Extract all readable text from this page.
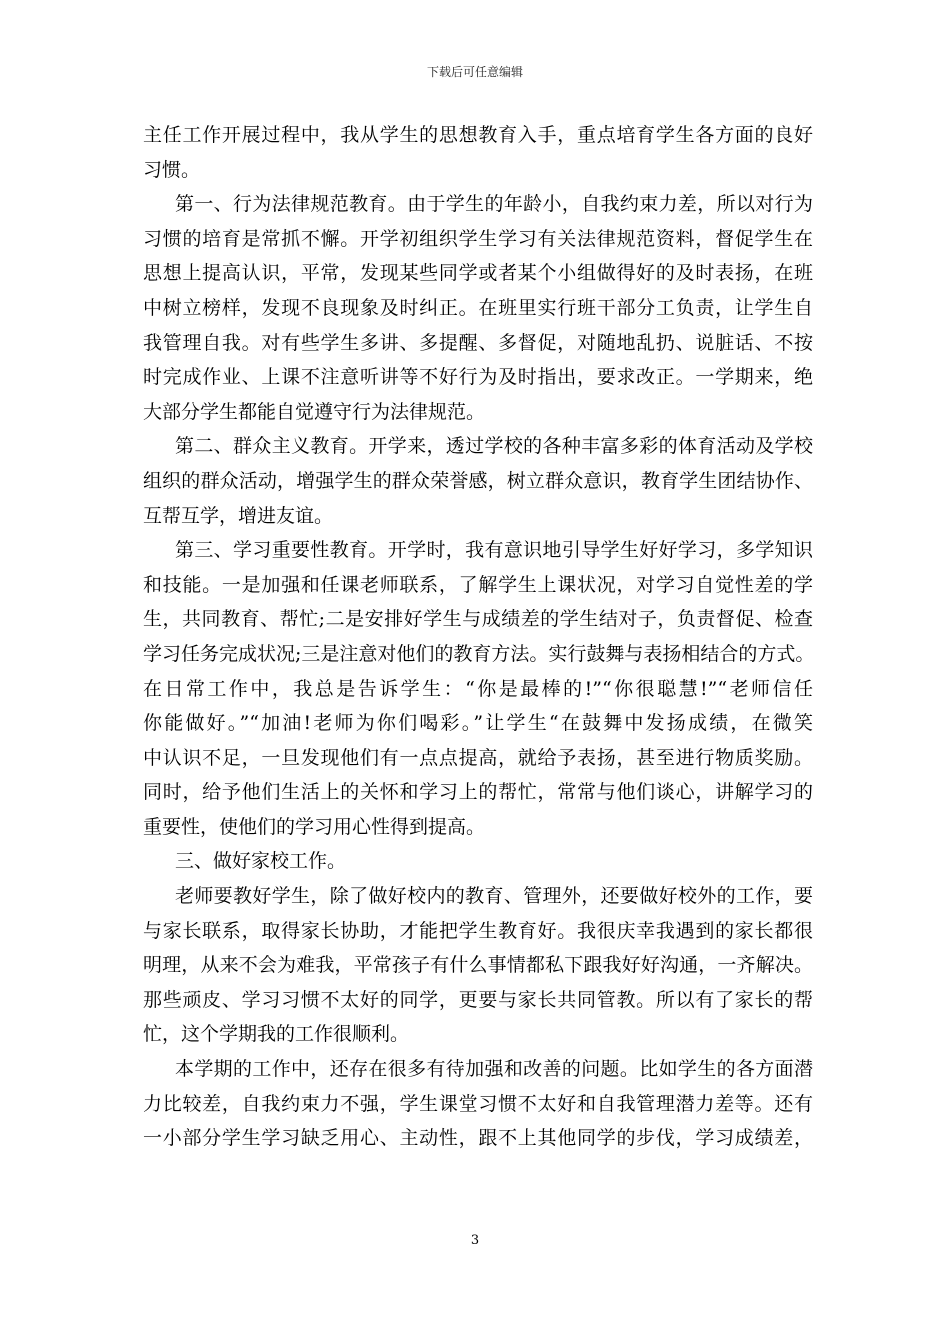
下载后可任意编辑
主任工作开展过程中，我从学生的思想教育入手，重点培育学生各方面的良好
习惯。
第一、行为法律规范教育。由于学生的年龄小，自我约束力差，所以对行为
习惯的培育是常抓不懈。开学初组织学生学习有关法律规范资料，督促学生在
思想上提高认识，平常，发现某些同学或者某个小组做得好的及时表扬，在班
中树立榜样，发现不良现象及时纠正。在班里实行班干部分工负责，让学生自
我管理自我。对有些学生多讲、多提醒、多督促，对随地乱扔、说脏话、不按
时完成作业、上课不注意听讲等不好行为及时指出，要求改正。一学期来，绝
大部分学生都能自觉遵守行为法律规范。
第二、群众主义教育。开学来，透过学校的各种丰富多彩的体育活动及学校
组织的群众活动，增强学生的群众荣誉感，树立群众意识，教育学生团结协作、
互帮互学，增进友谊。
第三、学习重要性教育。开学时，我有意识地引导学生好好学习，多学知识
和技能。一是加强和任课老师联系，了解学生上课状况，对学习自觉性差的学
生，共同教育、帮忙;二是安排好学生与成绩差的学生结对子，负责督促、检查
学习任务完成状况;三是注意对他们的教育方法。实行鼓舞与表扬相结合的方式。
在日常工作中，我总是告诉学生：“你是最棒的!”“你很聪慧!”“老师信任
你能做好。”“加油!老师为你们喝彩。”让学生“在鼓舞中发扬成绩，在微笑
中认识不足，一旦发现他们有一点点提高，就给予表扬，甚至进行物质奖励。
同时，给予他们生活上的关怀和学习上的帮忙，常常与他们谈心，讲解学习的
重要性，使他们的学习用心性得到提高。
三、做好家校工作。
老师要教好学生，除了做好校内的教育、管理外，还要做好校外的工作，要
与家长联系，取得家长协助，才能把学生教育好。我很庆幸我遇到的家长都很
明理，从来不会为难我，平常孩子有什么事情都私下跟我好好沟通，一齐解决。
那些顽皮、学习习惯不太好的同学，更要与家长共同管教。所以有了家长的帮
忙，这个学期我的工作很顺利。
本学期的工作中，还存在很多有待加强和改善的问题。比如学生的各方面潜
力比较差，自我约束力不强，学生课堂习惯不太好和自我管理潜力差等。还有
一小部分学生学习缺乏用心、主动性，跟不上其他同学的步伐，学习成绩差，
3
